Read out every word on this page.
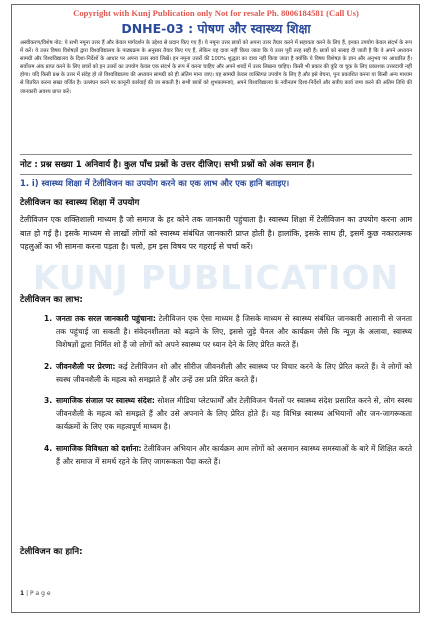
Copyright with Kunj Publication only Not for resale Ph. 8006184581 (Call Us)
DNHE-03 : पोषण और स्वास्थ्य शिक्षा
अस्वीकरण/विशेष नोट: ये सभी नमूना उत्तर हैं और केवल मार्गदर्शन के उद्देश्य से प्रदान किए गए हैं। ये नमूना उत्तर छात्रों को अपना उत्तर तैयार करने में सहायता करने के लिए हैं, इनका उपयोग केवल संदर्भ के रूप में करें। ये उत्तर विषय विशेषज्ञों द्वारा विश्वविद्यालय के पाठ्यक्रम के अनुसार तैयार किए गए हैं, लेकिन यह दावा नहीं किया जाता कि ये उत्तर पूरी तरह सही हैं। छात्रों को सलाह दी जाती है कि वे अपने अध्ययन सामग्री और विश्वविद्यालय के दिशा-निर्देशों के आधार पर अपना उत्तर स्वयं लिखें। इन नमूना उत्तरों की 100% शुद्धता का दावा नहीं किया जाता है क्योंकि ये विषय विशेषज्ञ के ज्ञान और अनुभव पर आधारित हैं। सर्वोत्तम अंक प्राप्त करने के लिए छात्रों को इन उत्तरों का उपयोग केवल एक संदर्भ के रूप में करना चाहिए और अपने शब्दों में उत्तर लिखना चाहिए। किसी भी प्रकार की त्रुटि या चूक के लिए प्रकाशक उत्तरदायी नहीं होगा। यदि किसी प्रश्न के उत्तर में संदेह हो तो विश्वविद्यालय की अध्ययन सामग्री को ही अंतिम माना जाए। यह सामग्री केवल व्यक्तिगत उपयोग के लिए है और इसे बेचना, पुनः प्रकाशित करना या किसी अन्य माध्यम से वितरित करना सख्त वर्जित है। उल्लंघन करने पर कानूनी कार्रवाई की जा सकती है। सभी छात्रों को शुभकामनाएं, अपने विश्वविद्यालय के नवीनतम दिशा-निर्देशों और सत्रीय कार्य जमा करने की अंतिम तिथि की जानकारी अवश्य प्राप्त करें।
नोट : प्रश्न सख्या 1 अनिवार्य है। कुल पाँच प्रश्नों के उत्तर दीजिए। सभी प्रश्नों को अंक समान हैं।
1. i) स्वास्थ्य शिक्षा में टेलीविजन का उपयोग करने का एक लाभ और एक हानि बताइए।
टेलीविजन का स्वास्थ्य शिक्षा में उपयोग
टेलीविजन एक शक्तिशाली माध्यम है जो समाज के हर कोने तक जानकारी पहुंचाता है। स्वास्थ्य शिक्षा में टेलीविजन का उपयोग करना आम बात हो गई है। इसके माध्यम से लाखों लोगों को स्वास्थ्य संबंधित जानकारी प्राप्त होती है। हालांकि, इसके साथ ही, इसमें कुछ नकारात्मक पहलुओं का भी सामना करना पड़ता है। चलो, हम इस विषय पर गहराई से चर्चा करें।
टेलीविजन का लाभ:
1. जनता तक सरल जानकारी पहुंचाना: टेलीविजन एक ऐसा माध्यम है जिसके माध्यम से स्वास्थ्य संबंधित जानकारी आसानी से जनता तक पहुंचाई जा सकती है। संवेदनशीलता को बढ़ाने के लिए, इससे जुड़े चैनल और कार्यक्रम जैसे कि न्यूज़ के अलावा, स्वास्थ्य विशेषज्ञों द्वारा निर्मित शो हैं जो लोगों को अपने स्वास्थ्य पर ध्यान देने के लिए प्रेरित करते हैं।
2. जीवनशैली पर प्रेरणा: कई टेलीविजन शो और सीरीज जीवनशैली और स्वास्थ्य पर विचार करने के लिए प्रेरित करते हैं। वे लोगों को स्वस्थ जीवनशैली के महत्व को समझाते हैं और उन्हें उस प्रति प्रेरित करते हैं।
3. सामाजिक संजाल पर स्वास्थ्य संदेश: सोशल मीडिया प्लेटफार्मों और टेलीविजन चैनलों पर स्वास्थ्य संदेश प्रसारित करने से, लोग स्वस्थ जीवनशैली के महत्व को समझते हैं और उसे अपनाने के लिए प्रेरित होते हैं। यह विभिन्न स्वास्थ्य अभियानों और जन-जागरूकता कार्यक्रमों के लिए एक महत्वपूर्ण माध्यम है।
4. सामाजिक विविधता को दर्शाना: टेलीविजन अभियान और कार्यक्रम आम लोगों को असमान स्वास्थ्य समस्याओं के बारे में शिक्षित करते हैं और समाज में समर्थ रहने के लिए जागरूकता पैदा करते हैं।
टेलीविजन का हानि:
KUNJ PUBLICATION
1 | P a g e
